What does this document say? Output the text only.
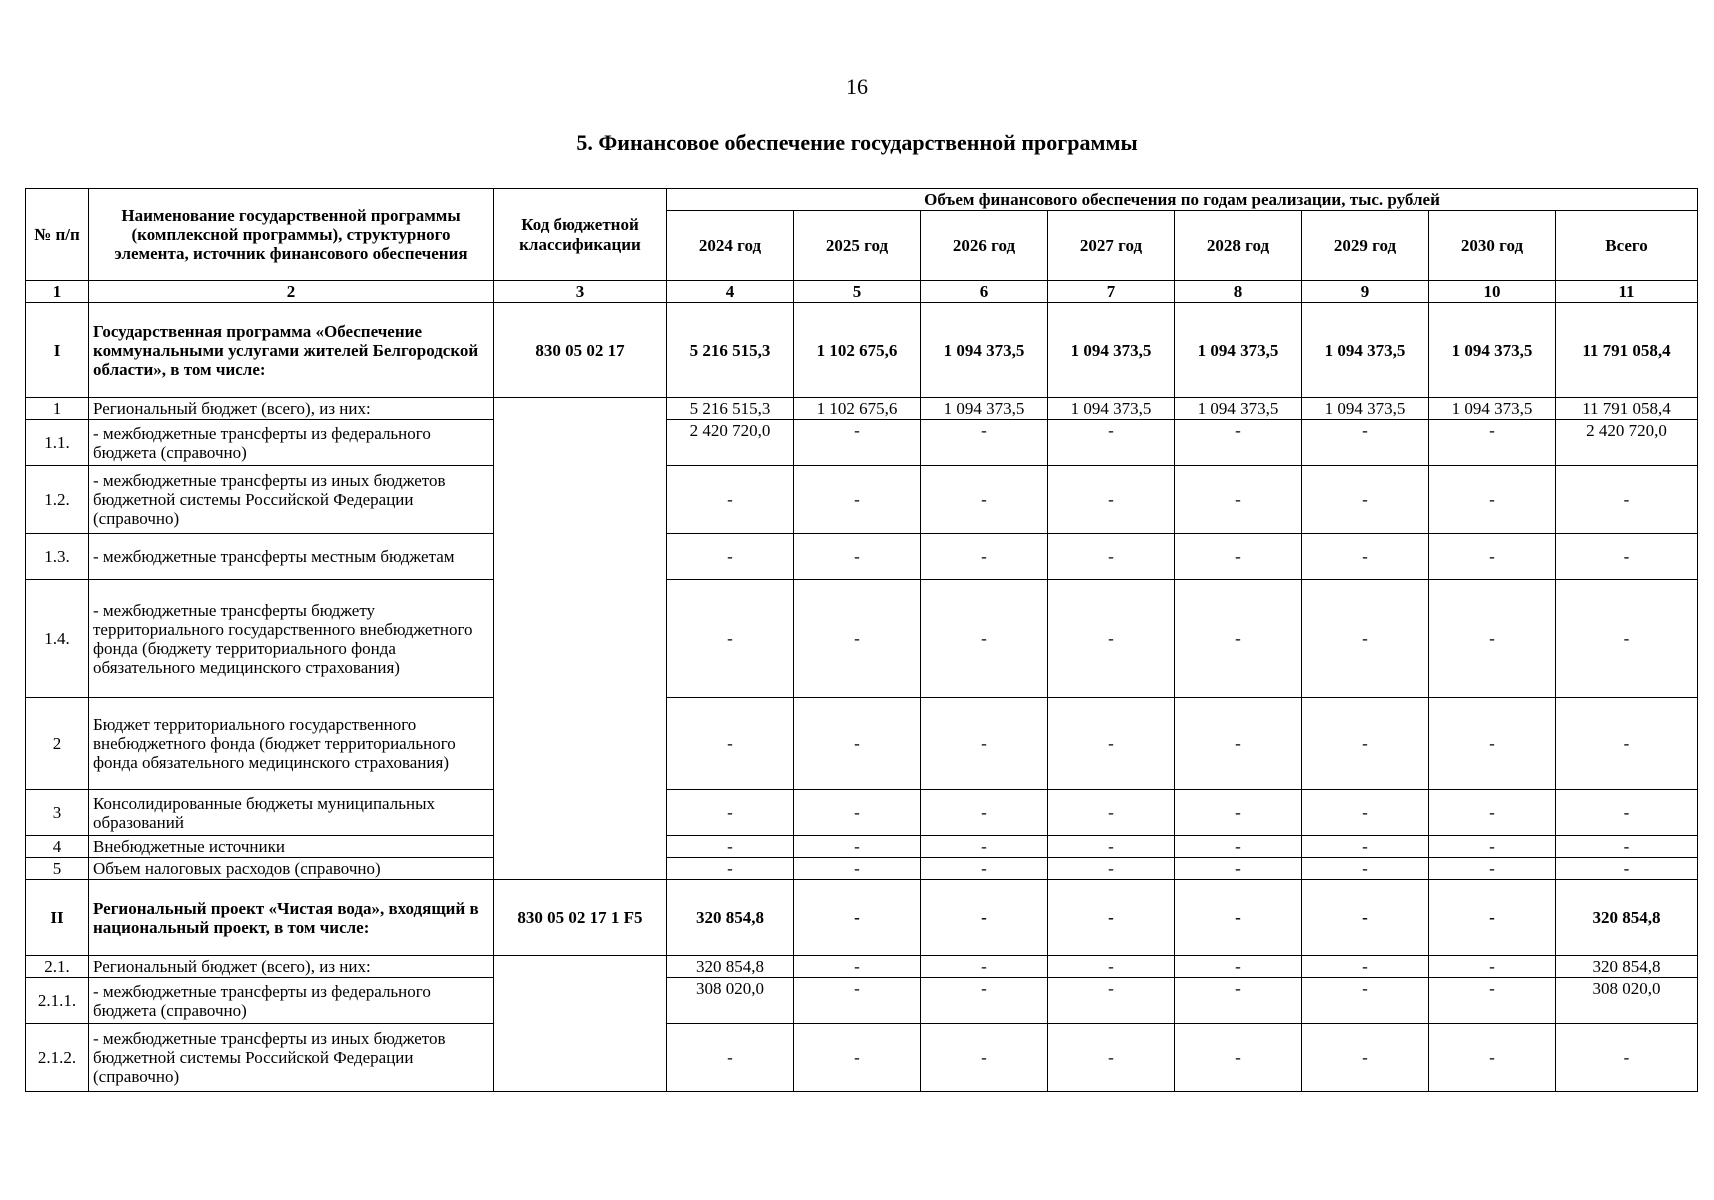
16
5. Финансовое обеспечение государственной программы
№ п/п	Наименование государственной программы (комплексной программы), структурного элемента, источник финансового обеспечения	Код бюджетной классификации	Объем финансового обеспечения по годам реализации, тыс. рублей							
			2024 год	2025 год	2026 год	2027 год	2028 год	2029 год	2030 год	Всего
1	2	3	4	5	6	7	8	9	10	11
I	Государственная программа «Обеспечение коммунальными услугами жителей Белгородской области», в том числе:	830 05 02 17	5 216 515,3	1 102 675,6	1 094 373,5	1 094 373,5	1 094 373,5	1 094 373,5	1 094 373,5	11 791 058,4
1	Региональный бюджет (всего), из них:		5 216 515,3	1 102 675,6	1 094 373,5	1 094 373,5	1 094 373,5	1 094 373,5	1 094 373,5	11 791 058,4
1.1.	- межбюджетные трансферты из федерального бюджета (справочно)		2 420 720,0	-	-	-	-	-	-	2 420 720,0
1.2.	- межбюджетные трансферты из иных бюджетов бюджетной системы Российской Федерации (справочно)		-	-	-	-	-	-	-	-
1.3.	- межбюджетные трансферты местным бюджетам		-	-	-	-	-	-	-	-
1.4.	- межбюджетные трансферты бюджету территориального государственного внебюджетного фонда (бюджету территориального фонда обязательного медицинского страхования)		-	-	-	-	-	-	-	-
2	Бюджет территориального государственного внебюджетного фонда (бюджет территориального фонда обязательного медицинского страхования)		-	-	-	-	-	-	-	-
3	Консолидированные бюджеты муниципальных образований		-	-	-	-	-	-	-	-
4	Внебюджетные источники		-	-	-	-	-	-	-	-
5	Объем налоговых расходов (справочно)		-	-	-	-	-	-	-	-
II	Региональный проект «Чистая вода», входящий в национальный проект, в том числе:	830 05 02 17 1 F5	320 854,8	-	-	-	-	-	-	320 854,8
2.1.	Региональный бюджет (всего), из них:		320 854,8	-	-	-	-	-	-	320 854,8
2.1.1.	- межбюджетные трансферты из федерального бюджета (справочно)		308 020,0	-	-	-	-	-	-	308 020,0
2.1.2.	- межбюджетные трансферты из иных бюджетов бюджетной системы Российской Федерации (справочно)		-	-	-	-	-	-	-	-
